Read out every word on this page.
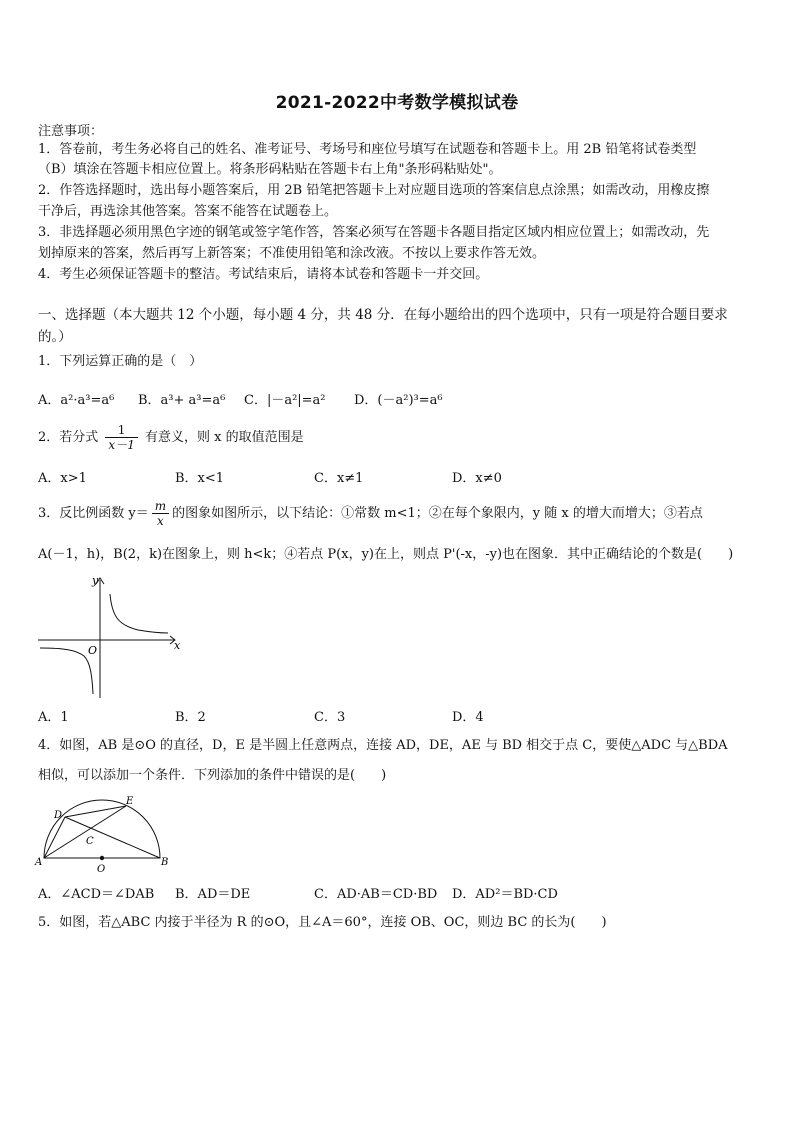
2021-2022中考数学模拟试卷
注意事项：
1．答卷前，考生务必将自己的姓名、准考证号、考场号和座位号填写在试题卷和答题卡上。用 2B 铅笔将试卷类型
（B）填涂在答题卡相应位置上。将条形码粘贴在答题卡右上角"条形码粘贴处"。
2．作答选择题时，选出每小题答案后，用 2B 铅笔把答题卡上对应题目选项的答案信息点涂黑；如需改动，用橡皮擦
干净后，再选涂其他答案。答案不能答在试题卷上。
3．非选择题必须用黑色字迹的钢笔或签字笔作答，答案必须写在答题卡各题目指定区域内相应位置上；如需改动，先
划掉原来的答案，然后再写上新答案；不准使用铅笔和涂改液。不按以上要求作答无效。
4．考生必须保证答题卡的整洁。考试结束后，请将本试卷和答题卡一并交回。
一、选择题（本大题共 12 个小题，每小题 4 分，共 48 分．在每小题给出的四个选项中，只有一项是符合题目要求
的。）
1．下列运算正确的是（　）
A．a²·a³=a⁶ B．a³+ a³=a⁶ C．|－a²|=a² D．(－a²)³=a⁶
2．若分式 $\frac{1}{x-1}$ 有意义，则 x 的取值范围是
A．x>1	B．x<1	C．x≠1	D．x≠0
3．反比例函数 $y= \frac{m}{x}$ 的图象如图所示，以下结论：①常数 m<1；②在每个象限内，y 随 x 的增大而增大；③若点
A(－1，h)，B(2，k)在图象上，则 h<k；④若点 P(x，y)在上，则点 P'(-x，-y)也在图象．其中正确结论的个数是(　　)
x
y
O
A．1	B．2	C．3	D．4
4．如图，AB 是⊙O 的直径，D，E 是半圆上任意两点，连接 AD，DE，AE 与 BD 相交于点 C，要使△ADC 与△BDA
相似，可以添加一个条件．下列添加的条件中错误的是(　　)
A	B
C
D
E
O
A．∠ACD＝∠DAB B．AD＝DE	C．AD·AB＝CD·BD D．AD²＝BD·CD
5．如图，若△ABC 内接于半径为 R 的⊙O，且∠A＝60°，连接 OB、OC，则边 BC 的长为(　　)
